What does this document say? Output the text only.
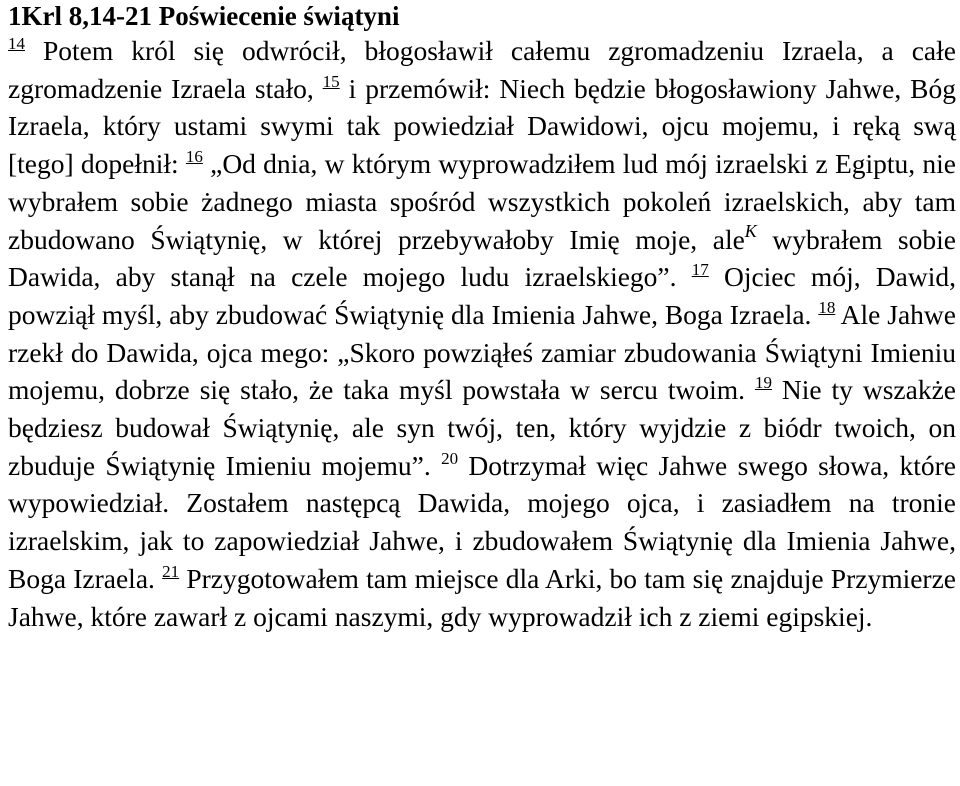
1Krl 8,14-21 Poświecenie świątyni

$^{14}$ Potem król się odwrócił, błogosławił całemu zgromadzeniu Izraela, a całe zgromadzenie Izraela stało, $^{15}$ i przemówił: Niech będzie błogosławiony Jahwe, Bóg Izraela, który ustami swymi tak powiedział Dawidowi, ojcu mojemu, i ręką swą [tego] dopełnił: $^{16}$ „Od dnia, w którym wyprowadziłem lud mój izraelski z Egiptu, nie wybrałem sobie żadnego miasta spośród wszystkich pokoleń izraelskich, aby tam zbudowano Świątynię, w której przebywałoby Imię moje, ale$^K$ wybrałem sobie Dawida, aby stanął na czele mojego ludu izraelskiego”. $^{17}$ Ojciec mój, Dawid, powziął myśl, aby zbudować Świątynię dla Imienia Jahwe, Boga Izraela. $^{18}$ Ale Jahwe rzekł do Dawida, ojca mego: „Skoro powziąłeś zamiar zbudowania Świątyni Imieniu mojemu, dobrze się stało, że taka myśl powstała w sercu twoim. $^{19}$ Nie ty wszakże będziesz budował Świątynię, ale syn twój, ten, który wyjdzie z biódr twoich, on zbuduje Świątynię Imieniu mojemu”. $^{20}$ Dotrzymał więc Jahwe swego słowa, które wypowiedział. Zostałem następcą Dawida, mojego ojca, i zasiadłem na tronie izraelskim, jak to zapowiedział Jahwe, i zbudowałem Świątynię dla Imienia Jahwe, Boga Izraela. $^{21}$ Przygotowałem tam miejsce dla Arki, bo tam się znajduje Przymierze Jahwe, które zawarł z ojcami naszymi, gdy wyprowadził ich z ziemi egipskiej.
